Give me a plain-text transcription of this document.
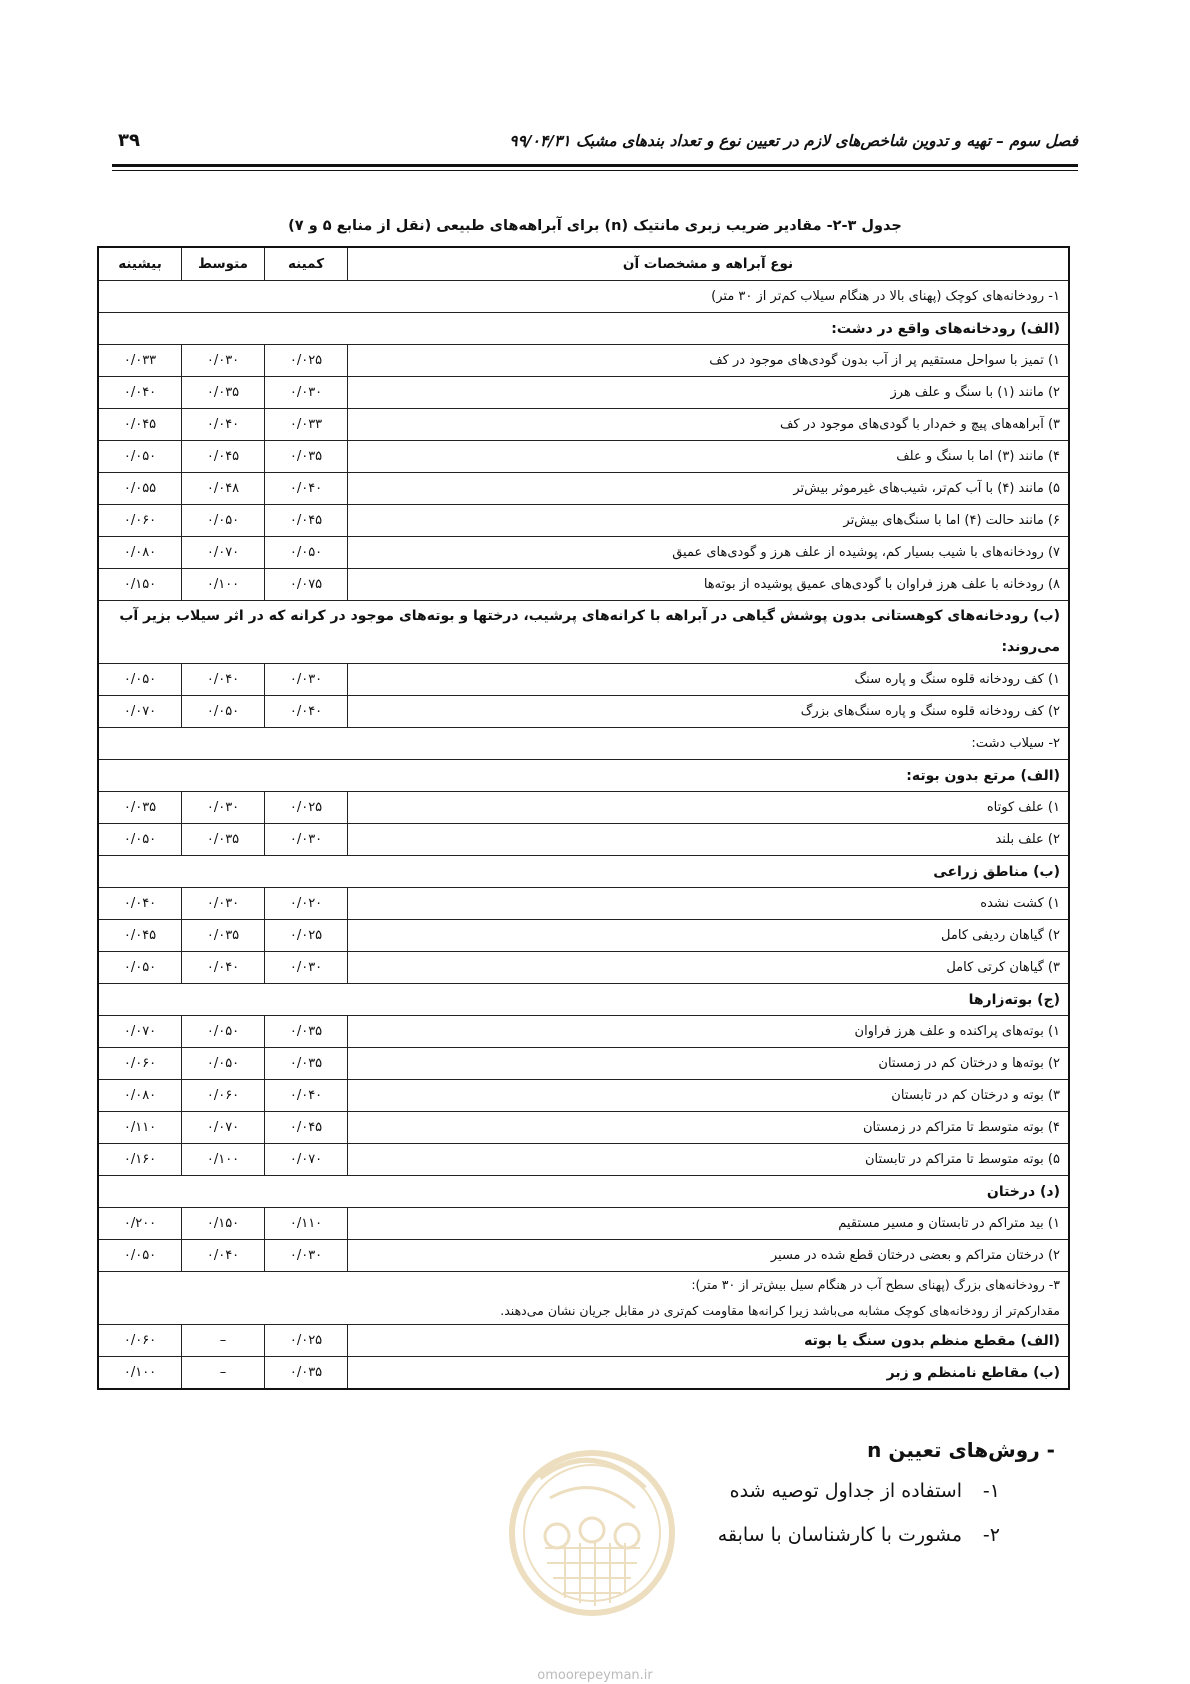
فصل سوم – تهیه و تدوین شاخص‌های لازم در تعیین نوع و تعداد بندهای مشبک ۹۹/۰۴/۳۱
۳۹
جدول ۳-۲- مقادیر ضریب زبری مانتیک (n) برای آبراهه‌های طبیعی (نقل از منابع ۵ و ۷)
نوع آبراهه و مشخصات آن	کمینه	متوسط	بیشینه
۱- رودخانه‌های کوچک (پهنای بالا در هنگام سیلاب کم‌تر از ۳۰ متر)			
(الف) رودخانه‌های واقع در دشت:			
۱) تمیز با سواحل مستقیم پر از آب بدون گودی‌های موجود در کف	۰/۰۲۵	۰/۰۳۰	۰/۰۳۳
۲) مانند (۱) با سنگ و علف هرز	۰/۰۳۰	۰/۰۳۵	۰/۰۴۰
۳) آبراهه‌های پیچ و خم‌دار با گودی‌های موجود در کف	۰/۰۳۳	۰/۰۴۰	۰/۰۴۵
۴) مانند (۳) اما با سنگ و علف	۰/۰۳۵	۰/۰۴۵	۰/۰۵۰
۵) مانند (۴) با آب کم‌تر، شیب‌های غیرموثر بیش‌تر	۰/۰۴۰	۰/۰۴۸	۰/۰۵۵
۶) مانند حالت (۴) اما با سنگ‌های بیش‌تر	۰/۰۴۵	۰/۰۵۰	۰/۰۶۰
۷) رودخانه‌های با شیب بسیار کم، پوشیده از علف هرز و گودی‌های عمیق	۰/۰۵۰	۰/۰۷۰	۰/۰۸۰
۸) رودخانه با علف هرز فراوان با گودی‌های عمیق پوشیده از بوته‌ها	۰/۰۷۵	۰/۱۰۰	۰/۱۵۰
(ب) رودخانه‌های کوهستانی بدون پوشش گیاهی در آبراهه با کرانه‌های پرشیب، درختها و بوته‌های موجود در کرانه که در اثر سیلاب بزیر آب می‌روند:			
۱) کف رودخانه قلوه سنگ و پاره سنگ	۰/۰۳۰	۰/۰۴۰	۰/۰۵۰
۲) کف رودخانه قلوه سنگ و پاره سنگ‌های بزرگ	۰/۰۴۰	۰/۰۵۰	۰/۰۷۰
۲- سیلاب دشت:			
(الف) مرتع بدون بوته:			
۱) علف کوتاه	۰/۰۲۵	۰/۰۳۰	۰/۰۳۵
۲) علف بلند	۰/۰۳۰	۰/۰۳۵	۰/۰۵۰
(ب) مناطق زراعی			
۱) کشت نشده	۰/۰۲۰	۰/۰۳۰	۰/۰۴۰
۲) گیاهان ردیفی کامل	۰/۰۲۵	۰/۰۳۵	۰/۰۴۵
۳) گیاهان کرتی کامل	۰/۰۳۰	۰/۰۴۰	۰/۰۵۰
(ج) بوته‌زارها			
۱) بوته‌های پراکنده و علف هرز فراوان	۰/۰۳۵	۰/۰۵۰	۰/۰۷۰
۲) بوته‌ها و درختان کم در زمستان	۰/۰۳۵	۰/۰۵۰	۰/۰۶۰
۳) بوته و درختان کم در تابستان	۰/۰۴۰	۰/۰۶۰	۰/۰۸۰
۴) بوته متوسط تا متراکم در زمستان	۰/۰۴۵	۰/۰۷۰	۰/۱۱۰
۵) بوته متوسط تا متراکم در تابستان	۰/۰۷۰	۰/۱۰۰	۰/۱۶۰
(د) درختان			
۱) بید متراکم در تابستان و مسیر مستقیم	۰/۱۱۰	۰/۱۵۰	۰/۲۰۰
۲) درختان متراکم و بعضی درختان قطع شده در مسیر	۰/۰۳۰	۰/۰۴۰	۰/۰۵۰

۳- رودخانه‌های بزرگ (پهنای سطح آب در هنگام سیل بیش‌تر از ۳۰ متر):
مقدارکم‌تر از رودخانه‌های کوچک مشابه می‌باشد زیرا کرانه‌ها مقاومت کم‌تری در مقابل جریان نشان می‌دهند.			

(الف) مقطع منظم بدون سنگ یا بوته	۰/۰۲۵	–	۰/۰۶۰
(ب) مقاطع نامنظم و زبر	۰/۰۳۵	–	۰/۱۰۰
- روش‌های تعیین n
۱-استفاده از جداول توصیه شده
۲-مشورت با کارشناسان با سابقه
omoorepeyman.ir
